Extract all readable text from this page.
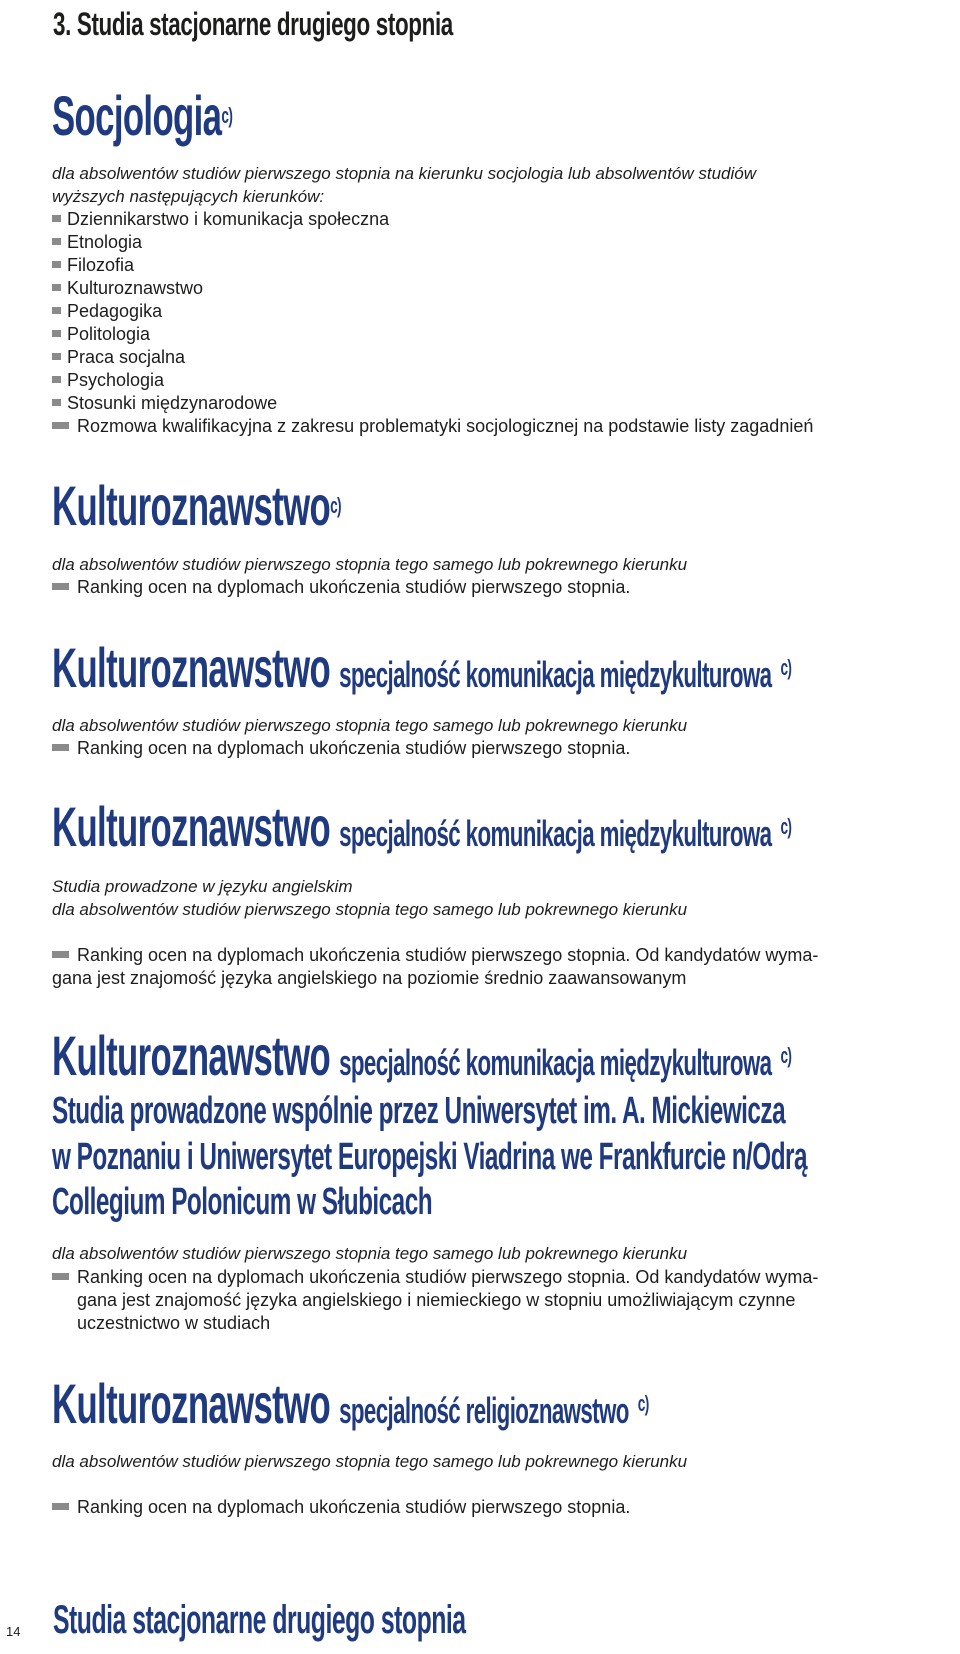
3. Studia stacjonarne drugiego stopnia
Socjologia$^{c)}$
dla absolwentów studiów pierwszego stopnia na kierunku socjologia lub absolwentów studiów
wyższych następujących kierunków:
Dziennikarstwo i komunikacja społeczna
Etnologia
Filozofia
Kulturoznawstwo
Pedagogika
Politologia
Praca socjalna
Psychologia
Stosunki międzynarodowe
Rozmowa kwalifikacyjna z zakresu problematyki socjologicznej na podstawie listy zagadnień
Kulturoznawstwo$^{c)}$
dla absolwentów studiów pierwszego stopnia tego samego lub pokrewnego kierunku
Ranking ocen na dyplomach ukończenia studiów pierwszego stopnia.
Kulturoznawstwo specjalność komunikacja międzykulturowa $^{c)}$
dla absolwentów studiów pierwszego stopnia tego samego lub pokrewnego kierunku
Ranking ocen na dyplomach ukończenia studiów pierwszego stopnia.
Kulturoznawstwo specjalność komunikacja międzykulturowa $^{c)}$
Studia prowadzone w języku angielskim
dla absolwentów studiów pierwszego stopnia tego samego lub pokrewnego kierunku
Ranking ocen na dyplomach ukończenia studiów pierwszego stopnia. Od kandydatów wyma-
gana jest znajomość języka angielskiego na poziomie średnio zaawansowanym
Kulturoznawstwo specjalność komunikacja międzykulturowa $^{c)}$
Studia prowadzone wspólnie przez Uniwersytet im. A. Mickiewicza
w Poznaniu i Uniwersytet Europejski Viadrina we Frankfurcie n/Odrą
Collegium Polonicum w Słubicach
dla absolwentów studiów pierwszego stopnia tego samego lub pokrewnego kierunku
Ranking ocen na dyplomach ukończenia studiów pierwszego stopnia. Od kandydatów wyma-
gana jest znajomość języka angielskiego i niemieckiego w stopniu umożliwiającym czynne
uczestnictwo w studiach
Kulturoznawstwo specjalność religioznawstwo $^{c)}$
dla absolwentów studiów pierwszego stopnia tego samego lub pokrewnego kierunku
Ranking ocen na dyplomach ukończenia studiów pierwszego stopnia.
14 Studia stacjonarne drugiego stopnia
